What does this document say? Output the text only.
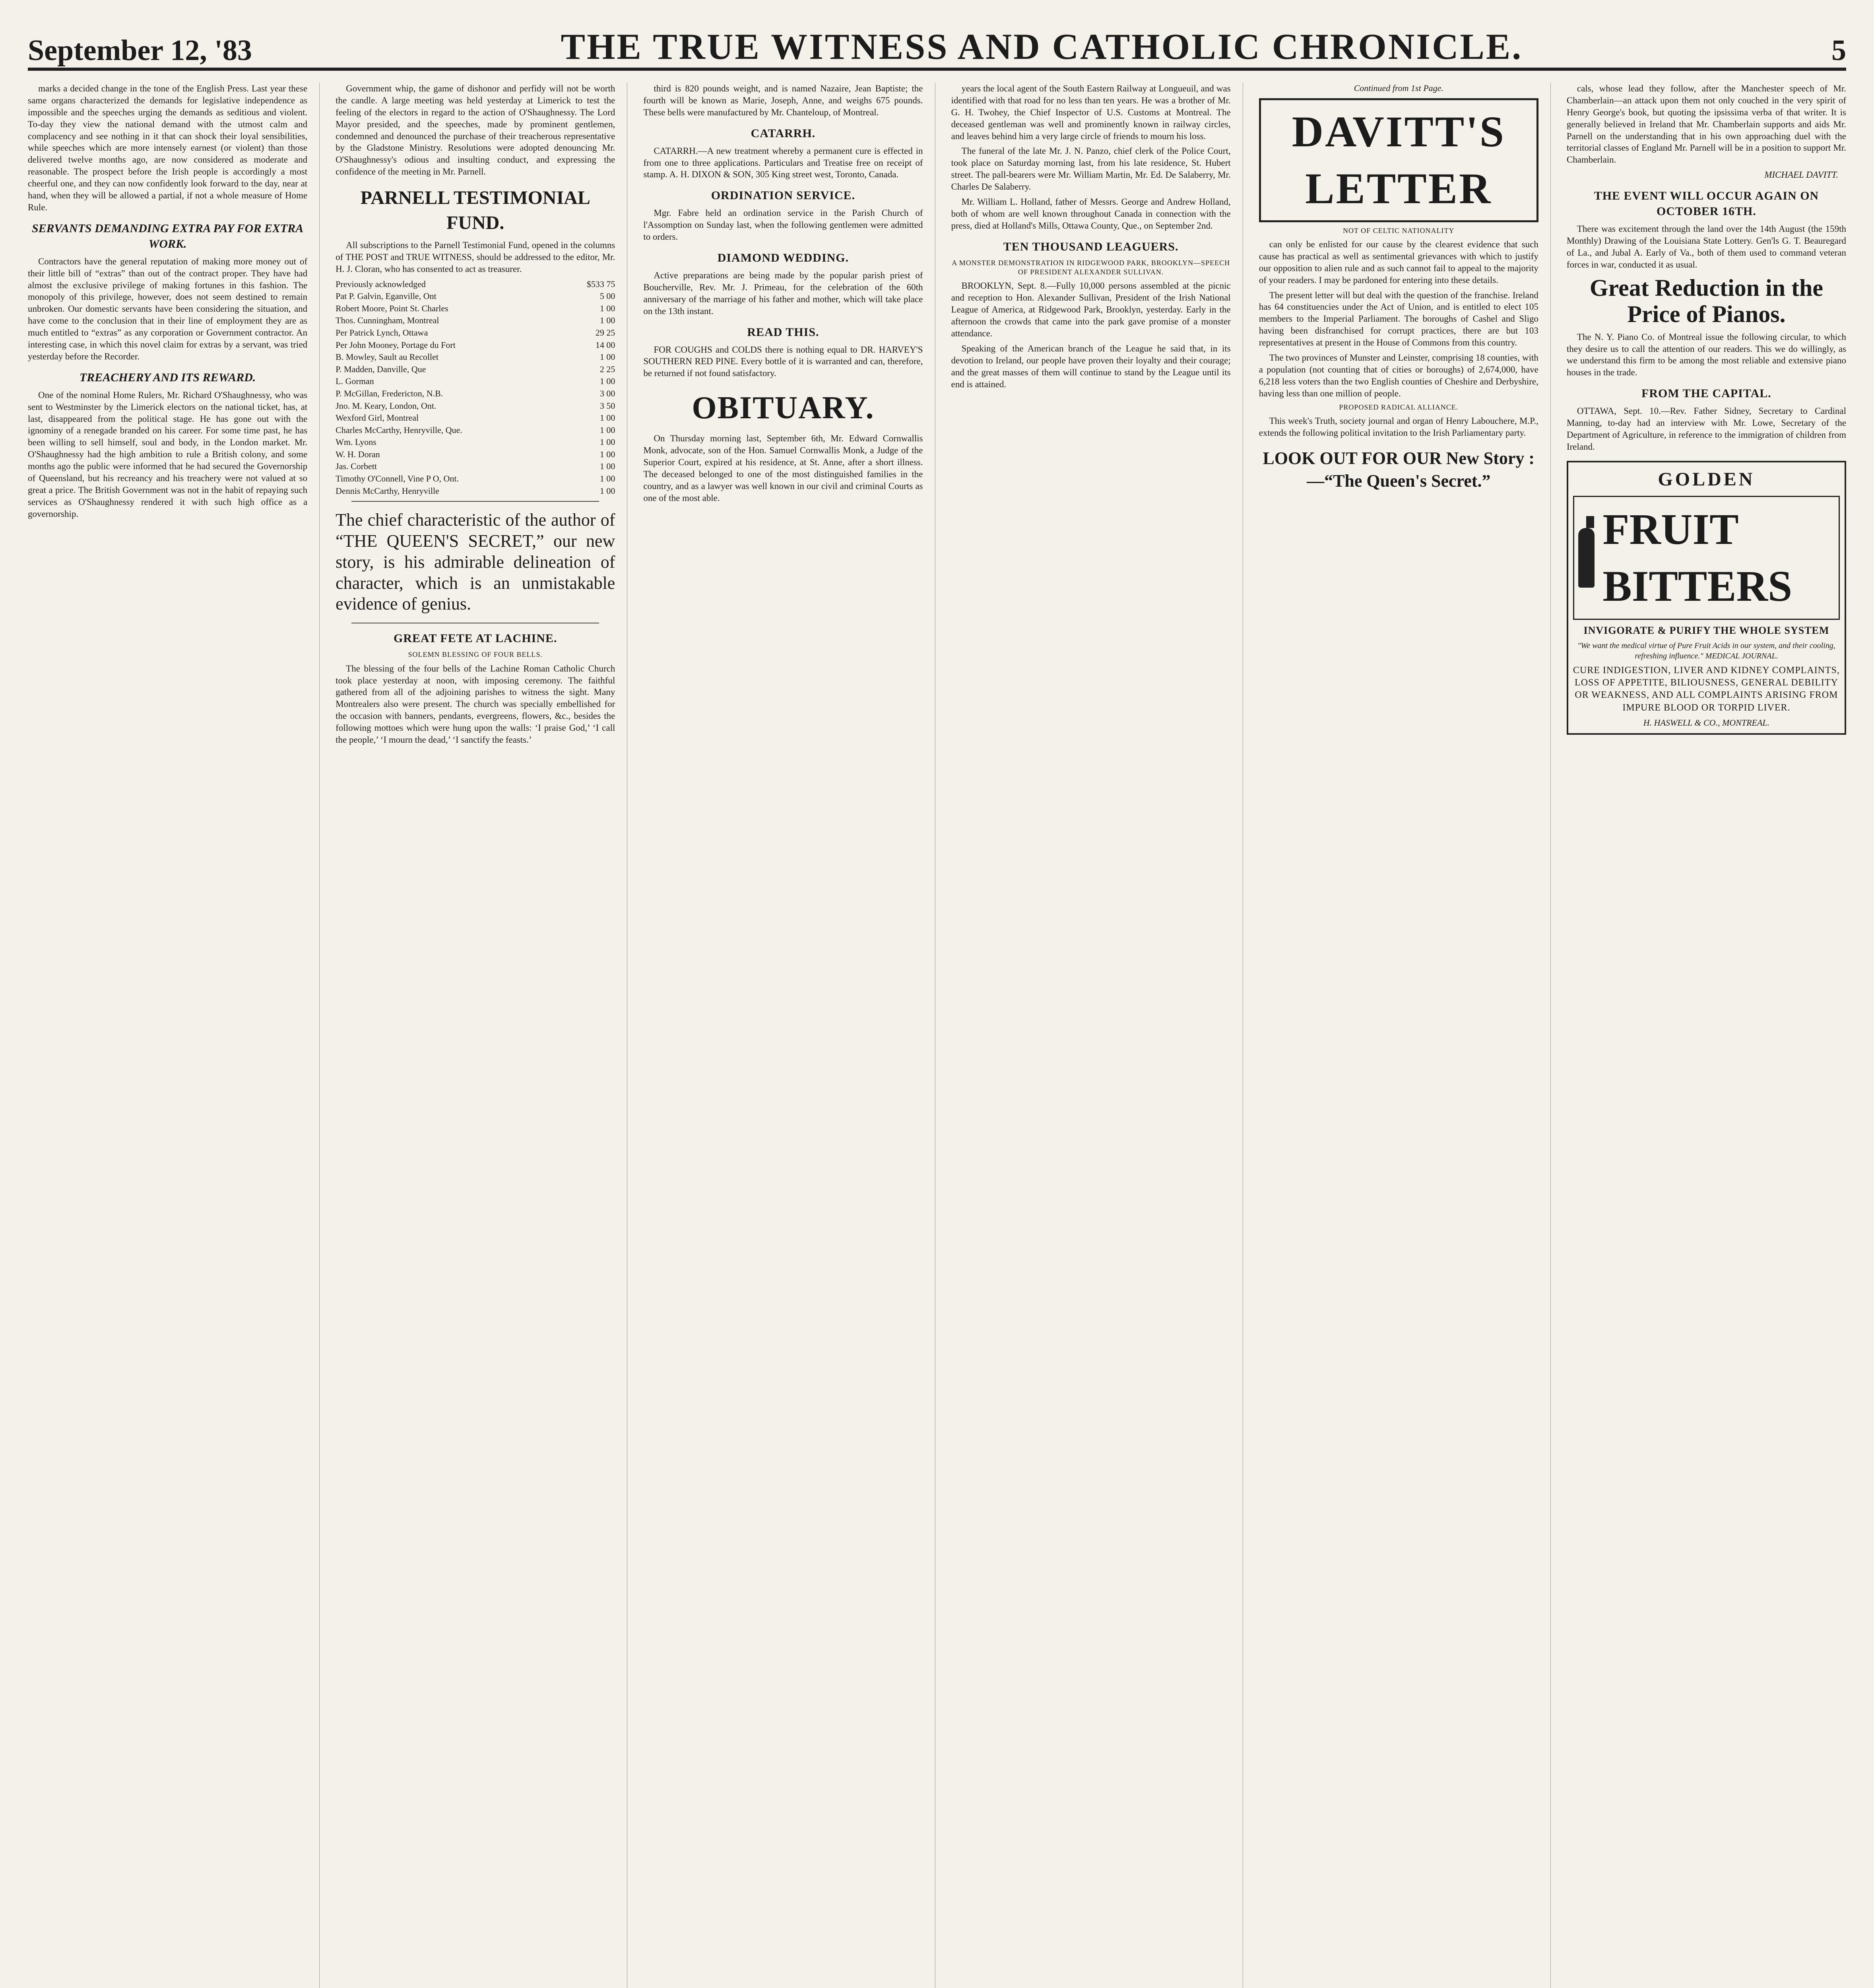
September 12, '83	THE TRUE WITNESS AND CATHOLIC CHRONICLE.	5

marks a decided change in the tone of the English Press. Last year these same organs characterized the demands for legislative independence as impossible and the speeches urging the demands as seditious and violent. To-day they view the national demand with the utmost calm and complacency and see nothing in it that can shock their loyal sensibilities, while speeches which are more intensely earnest (or violent) than those delivered twelve months ago, are now considered as moderate and reasonable. The prospect before the Irish people is accordingly a most cheerful one, and they can now confidently look forward to the day, near at hand, when they will be allowed a partial, if not a whole measure of Home Rule.

SERVANTS DEMANDING EXTRA PAY FOR EXTRA WORK.

Contractors have the general reputation of making more money out of their little bill of “extras” than out of the contract proper. They have had almost the exclusive privilege of making fortunes in this fashion. The monopoly of this privilege, however, does not seem destined to remain unbroken. Our domestic servants have been considering the situation, and have come to the conclusion that in their line of employment they are as much entitled to “extras” as any corporation or Government contractor. An interesting case, in which this novel claim for extras by a servant, was tried yesterday before the Recorder.

TREACHERY AND ITS REWARD.

One of the nominal Home Rulers, Mr. Richard O'Shaughnessy, who was sent to Westminster by the Limerick electors on the national ticket, has, at last, disappeared from the political stage. He has gone out with the ignominy of a renegade branded on his career. For some time past, he has been willing to sell himself, soul and body, in the London market. Mr. O'Shaughnessy had the high ambition to rule a British colony, and some months ago the public were informed that he had secured the Governorship of Queensland, but his recreancy and his treachery were not valued at so great a price. The British Government was not in the habit of repaying such services as O'Shaughnessy rendered it with such high office as a governorship.

Government whip, the game of dishonor and perfidy will not be worth the candle. A large meeting was held yesterday at Limerick to test the feeling of the electors in regard to the action of O'Shaughnessy. The Lord Mayor presided, and the speeches, made by prominent gentlemen, condemned and denounced the purchase of their treacherous representative by the Gladstone Ministry. Resolutions were adopted denouncing Mr. O'Shaughnessy's odious and insulting conduct, and expressing the confidence of the meeting in Mr. Parnell.

PARNELL TESTIMONIAL FUND.

All subscriptions to the Parnell Testimonial Fund, opened in the columns of THE POST and TRUE WITNESS, should be addressed to the editor, Mr. H. J. Cloran, who has consented to act as treasurer.

Previously acknowledged	$533 75
Pat P. Galvin, Eganville, Ont	5 00
Robert Moore, Point St. Charles	1 00
Thos. Cunningham, Montreal	1 00
Per Patrick Lynch, Ottawa	29 25
Per John Mooney, Portage du Fort	14 00
B. Mowley, Sault au Recollet	1 00
P. Madden, Danville, Que	2 25
L. Gorman	1 00
P. McGillan, Fredericton, N.B.	3 00
Jno. M. Keary, London, Ont.	3 50
Wexford Girl, Montreal	1 00
Charles McCarthy, Henryville, Que.	1 00
Wm. Lyons	1 00
W. H. Doran	1 00
Jas. Corbett	1 00
Timothy O'Connell, Vine P O, Ont.	1 00
Dennis McCarthy, Henryville	1 00
The chief characteristic of the author of “THE QUEEN'S SECRET,” our new story, is his admirable delineation of character, which is an unmistakable evidence of genius.
GREAT FETE AT LACHINE.
SOLEMN BLESSING OF FOUR BELLS.

The blessing of the four bells of the Lachine Roman Catholic Church took place yesterday at noon, with imposing ceremony. The faithful gathered from all of the adjoining parishes to witness the sight. Many Montrealers also were present. The church was specially embellished for the occasion with banners, pendants, evergreens, flowers, &c., besides the following mottoes which were hung upon the walls: ‘I praise God,’ ‘I call the people,’ ‘I mourn the dead,’ ‘I sanctify the feasts.’

third is 820 pounds weight, and is named Nazaire, Jean Baptiste; the fourth will be known as Marie, Joseph, Anne, and weighs 675 pounds. These bells were manufactured by Mr. Chanteloup, of Montreal.

CATARRH.

CATARRH.—A new treatment whereby a permanent cure is effected in from one to three applications. Particulars and Treatise free on receipt of stamp. A. H. DIXON & SON, 305 King street west, Toronto, Canada.

ORDINATION SERVICE.

Mgr. Fabre held an ordination service in the Parish Church of l'Assomption on Sunday last, when the following gentlemen were admitted to orders.

DIAMOND WEDDING.

Active preparations are being made by the popular parish priest of Boucherville, Rev. Mr. J. Primeau, for the celebration of the 60th anniversary of the marriage of his father and mother, which will take place on the 13th instant.

READ THIS.

FOR COUGHS and COLDS there is nothing equal to DR. HARVEY'S SOUTHERN RED PINE. Every bottle of it is warranted and can, therefore, be returned if not found satisfactory.

OBITUARY.

On Thursday morning last, September 6th, Mr. Edward Cornwallis Monk, advocate, son of the Hon. Samuel Cornwallis Monk, a Judge of the Superior Court, expired at his residence, at St. Anne, after a short illness. The deceased belonged to one of the most distinguished families in the country, and as a lawyer was well known in our civil and criminal Courts as one of the most able.

years the local agent of the South Eastern Railway at Longueuil, and was identified with that road for no less than ten years. He was a brother of Mr. G. H. Twohey, the Chief Inspector of U.S. Customs at Montreal. The deceased gentleman was well and prominently known in railway circles, and leaves behind him a very large circle of friends to mourn his loss.

The funeral of the late Mr. J. N. Panzo, chief clerk of the Police Court, took place on Saturday morning last, from his late residence, St. Hubert street. The pall-bearers were Mr. William Martin, Mr. Ed. De Salaberry, Mr. Charles De Salaberry.

Mr. William L. Holland, father of Messrs. George and Andrew Holland, both of whom are well known throughout Canada in connection with the press, died at Holland's Mills, Ottawa County, Que., on September 2nd.

TEN THOUSAND LEAGUERS.
A MONSTER DEMONSTRATION IN RIDGEWOOD PARK, BROOKLYN—SPEECH OF PRESIDENT ALEXANDER SULLIVAN.

BROOKLYN, Sept. 8.—Fully 10,000 persons assembled at the picnic and reception to Hon. Alexander Sullivan, President of the Irish National League of America, at Ridgewood Park, Brooklyn, yesterday. Early in the afternoon the crowds that came into the park gave promise of a monster attendance.

Speaking of the American branch of the League he said that, in its devotion to Ireland, our people have proven their loyalty and their courage; and the great masses of them will continue to stand by the League until its end is attained.

Continued from 1st Page.
DAVITT'S LETTER
NOT OF CELTIC NATIONALITY

can only be enlisted for our cause by the clearest evidence that such cause has practical as well as sentimental grievances with which to justify our opposition to alien rule and as such cannot fail to appeal to the majority of your readers. I may be pardoned for entering into these details.

The present letter will but deal with the question of the franchise. Ireland has 64 constituencies under the Act of Union, and is entitled to elect 105 members to the Imperial Parliament. The boroughs of Cashel and Sligo having been disfranchised for corrupt practices, there are but 103 representatives at present in the House of Commons from this country.

The two provinces of Munster and Leinster, comprising 18 counties, with a population (not counting that of cities or boroughs) of 2,674,000, have 6,218 less voters than the two English counties of Cheshire and Derbyshire, having less than one million of people.

PROPOSED RADICAL ALLIANCE.

This week's Truth, society journal and organ of Henry Labouchere, M.P., extends the following political invitation to the Irish Parliamentary party.

LOOK OUT FOR OUR New Story :—“The Queen's Secret.”

cals, whose lead they follow, after the Manchester speech of Mr. Chamberlain—an attack upon them not only couched in the very spirit of Henry George's book, but quoting the ipsissima verba of that writer. It is generally believed in Ireland that Mr. Chamberlain supports and aids Mr. Parnell on the understanding that in his own approaching duel with the territorial classes of England Mr. Parnell will be in a position to support Mr. Chamberlain.

MICHAEL DAVITT.
THE EVENT WILL OCCUR AGAIN ON OCTOBER 16TH.

There was excitement through the land over the 14th August (the 159th Monthly) Drawing of the Louisiana State Lottery. Gen'ls G. T. Beauregard of La., and Jubal A. Early of Va., both of them used to command veteran forces in war, conducted it as usual.

Great Reduction in the Price of Pianos.

The N. Y. Piano Co. of Montreal issue the following circular, to which they desire us to call the attention of our readers. This we do willingly, as we understand this firm to be among the most reliable and extensive piano houses in the trade.

FROM THE CAPITAL.

OTTAWA, Sept. 10.—Rev. Father Sidney, Secretary to Cardinal Manning, to-day had an interview with Mr. Lowe, Secretary of the Department of Agriculture, in reference to the immigration of children from Ireland.

GOLDEN
FRUIT BITTERS
INVIGORATE & PURIFY THE WHOLE SYSTEM
"We want the medical virtue of Pure Fruit Acids in our system, and their cooling, refreshing influence." MEDICAL JOURNAL.
CURE INDIGESTION, LIVER AND KIDNEY COMPLAINTS, LOSS OF APPETITE, BILIOUSNESS, GENERAL DEBILITY OR WEAKNESS, AND ALL COMPLAINTS ARISING FROM IMPURE BLOOD OR TORPID LIVER.
H. HASWELL & CO., MONTREAL.
